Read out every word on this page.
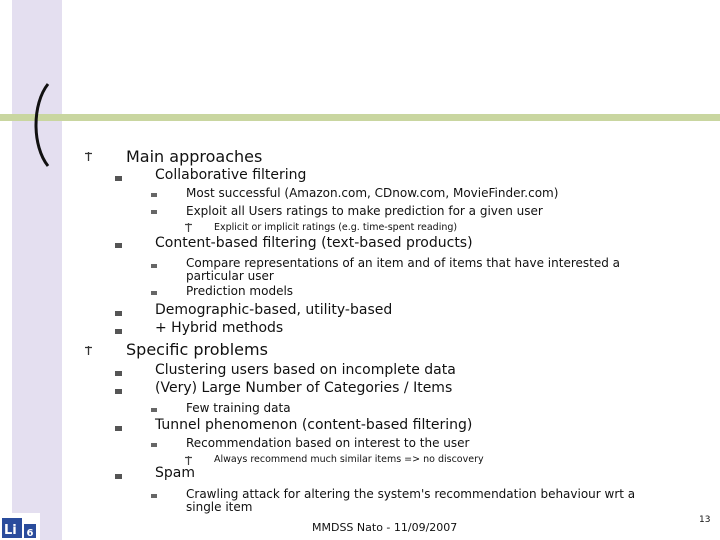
Main approaches
Collaborative filtering
Most successful (Amazon.com, CDnow.com, MovieFinder.com)
Exploit all Users ratings to make prediction for a given user
Explicit or implicit ratings (e.g. time-spent reading)
Content-based filtering (text-based products)
Compare representations of an item and of items that have interested a
particular user
Prediction models
Demographic-based, utility-based
+ Hybrid methods
Specific problems
Clustering users based on incomplete data
(Very) Large Number of Categories / Items
Few training data
Tunnel phenomenon (content-based filtering)
Recommendation based on interest to the user
Always recommend much similar items => no discovery
Spam
Crawling attack for altering the system's recommendation behaviour wrt a
single item
Li 6	MMDSS Nato - 11/09/2007
13
